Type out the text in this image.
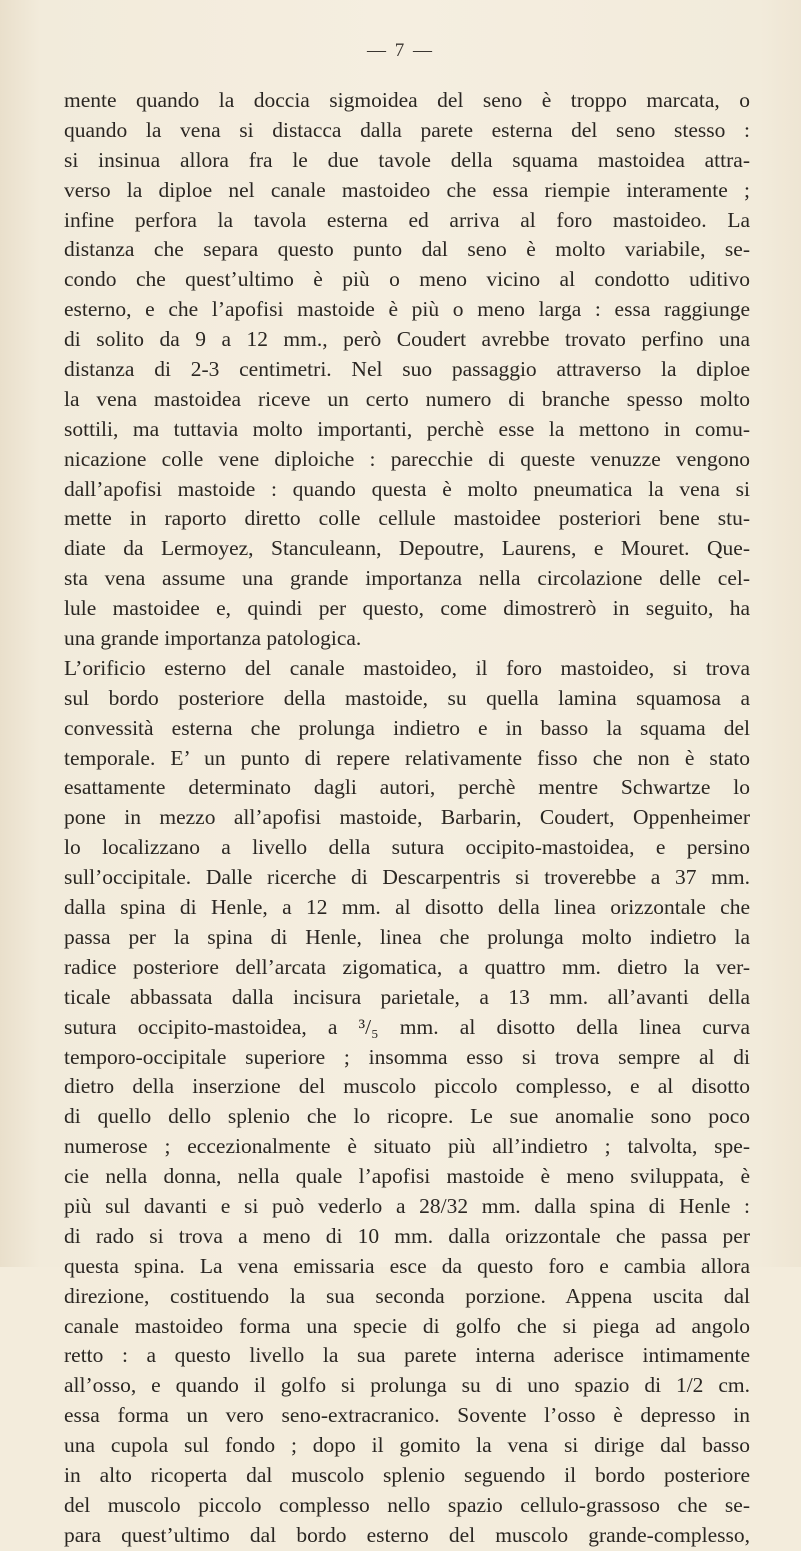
— 7 —
mente quando la doccia sigmoidea del seno è troppo marcata, o
quando la vena si distacca dalla parete esterna del seno stesso :
si insinua allora fra le due tavole della squama mastoidea attra-
verso la diploe nel canale mastoideo che essa riempie interamente ;
infine perfora la tavola esterna ed arriva al foro mastoideo. La
distanza che separa questo punto dal seno è molto variabile, se-
condo che quest’ultimo è più o meno vicino al condotto uditivo
esterno, e che l’apofisi mastoide è più o meno larga : essa raggiunge
di solito da 9 a 12 mm., però Coudert avrebbe trovato perfino una
distanza di 2-3 centimetri. Nel suo passaggio attraverso la diploe
la vena mastoidea riceve un certo numero di branche spesso molto
sottili, ma tuttavia molto importanti, perchè esse la mettono in comu-
nicazione colle vene diploiche : parecchie di queste venuzze vengono
dall’apofisi mastoide : quando questa è molto pneumatica la vena si
mette in raporto diretto colle cellule mastoidee posteriori bene stu-
diate da Lermoyez, Stanculeann, Depoutre, Laurens, e Mouret. Que-
sta vena assume una grande importanza nella circolazione delle cel-
lule mastoidee e, quindi per questo, come dimostrerò in seguito, ha
una grande importanza patologica.
L’orificio esterno del canale mastoideo, il foro mastoideo, si trova
sul bordo posteriore della mastoide, su quella lamina squamosa a
convessità esterna che prolunga indietro e in basso la squama del
temporale. E’ un punto di repere relativamente fisso che non è stato
esattamente determinato dagli autori, perchè mentre Schwartze lo
pone in mezzo all’apofisi mastoide, Barbarin, Coudert, Oppenheimer
lo localizzano a livello della sutura occipito-mastoidea, e persino
sull’occipitale. Dalle ricerche di Descarpentris si troverebbe a 37 mm.
dalla spina di Henle, a 12 mm. al disotto della linea orizzontale che
passa per la spina di Henle, linea che prolunga molto indietro la
radice posteriore dell’arcata zigomatica, a quattro mm. dietro la ver-
ticale abbassata dalla incisura parietale, a 13 mm. all’avanti della
sutura occipito-mastoidea, a ³/₅ mm. al disotto della linea curva
temporo-occipitale superiore ; insomma esso si trova sempre al di
dietro della inserzione del muscolo piccolo complesso, e al disotto
di quello dello splenio che lo ricopre. Le sue anomalie sono poco
numerose ; eccezionalmente è situato più all’indietro ; talvolta, spe-
cie nella donna, nella quale l’apofisi mastoide è meno sviluppata, è
più sul davanti e si può vederlo a 28/32 mm. dalla spina di Henle :
di rado si trova a meno di 10 mm. dalla orizzontale che passa per
questa spina. La vena emissaria esce da questo foro e cambia allora
direzione, costituendo la sua seconda porzione. Appena uscita dal
canale mastoideo forma una specie di golfo che si piega ad angolo
retto : a questo livello la sua parete interna aderisce intimamente
all’osso, e quando il golfo si prolunga su di uno spazio di 1/2 cm.
essa forma un vero seno-extracranico. Sovente l’osso è depresso in
una cupola sul fondo ; dopo il gomito la vena si dirige dal basso
in alto ricoperta dal muscolo splenio seguendo il bordo posteriore
del muscolo piccolo complesso nello spazio cellulo-grassoso che se-
para quest’ultimo dal bordo esterno del muscolo grande-complesso,
